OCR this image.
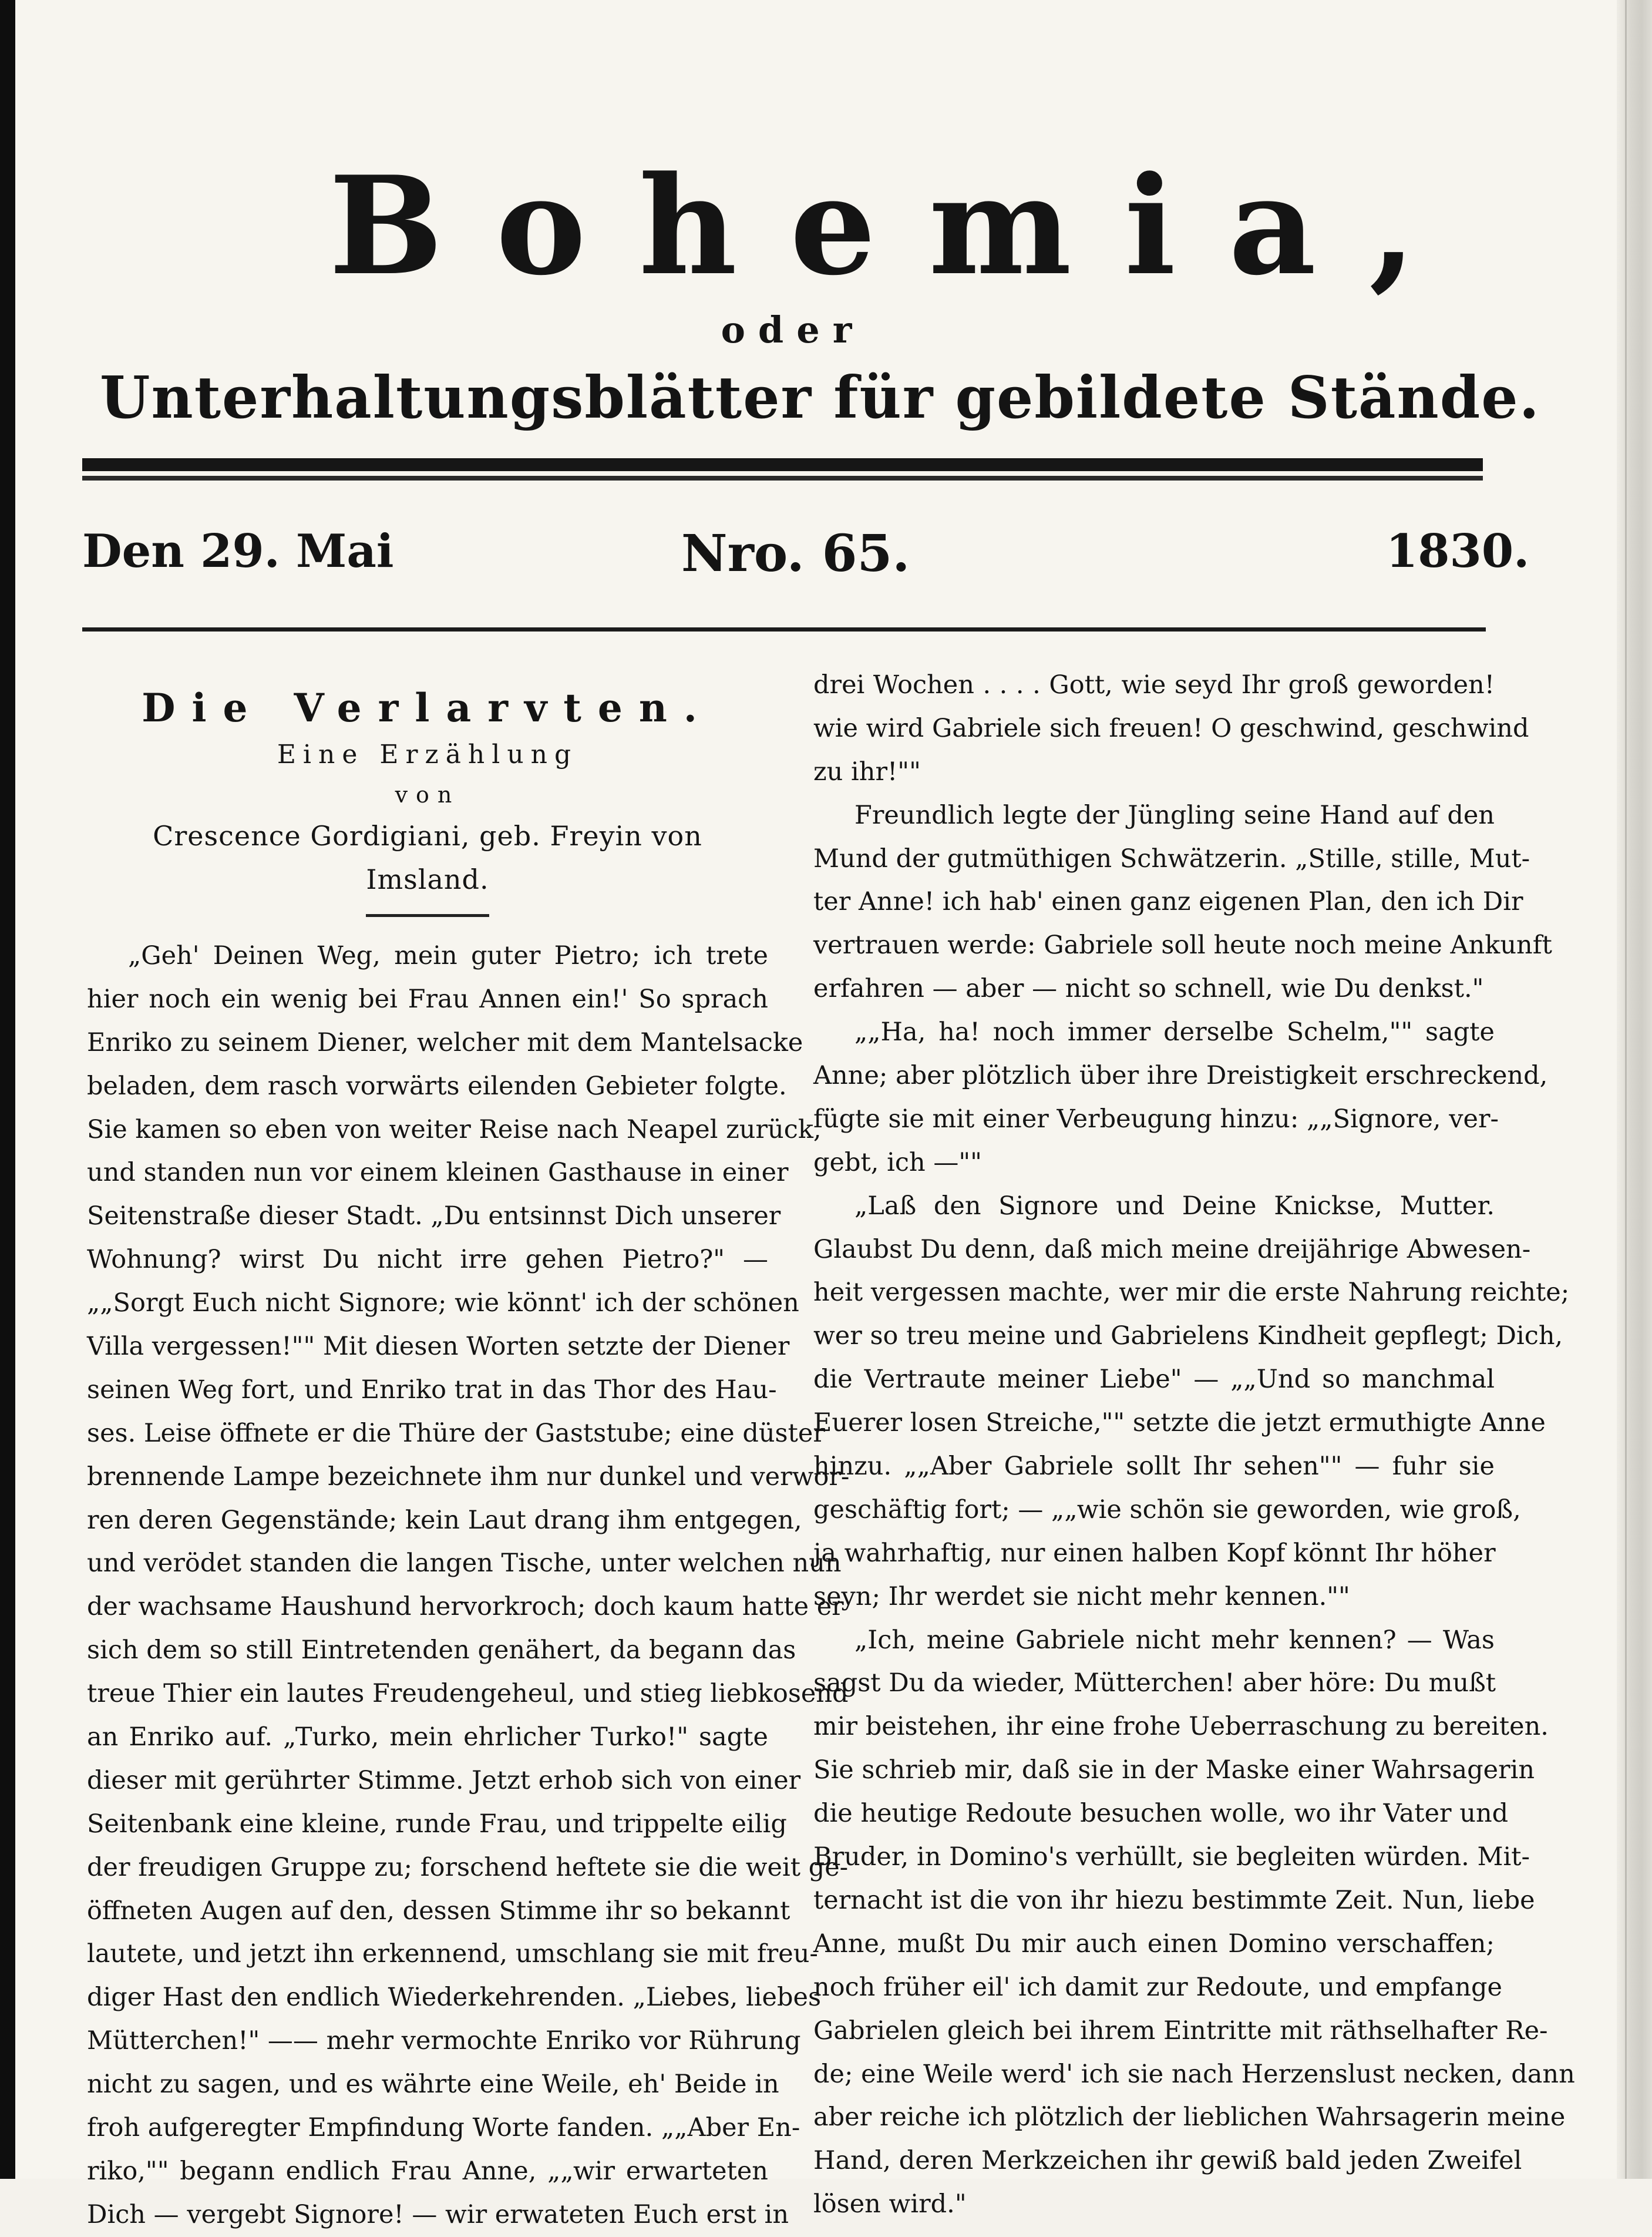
Bohemia,
oder
Unterhaltungsblätter für gebildete Stände.
Den 29. Mai	Nro. 65.	1830.
Die Verlarvten.
Eine Erzählung
von
Crescence Gordigiani, geb. Freyin von Imsland.
„Geh' Deinen Weg, mein guter Pietro; ich trete
hier noch ein wenig bei Frau Annen ein!' So sprach
Enriko zu seinem Diener, welcher mit dem Mantelsacke
beladen, dem rasch vorwärts eilenden Gebieter folgte.
Sie kamen so eben von weiter Reise nach Neapel zurück,
und standen nun vor einem kleinen Gasthause in einer
Seitenstraße dieser Stadt. „Du entsinnst Dich unserer
Wohnung? wirst Du nicht irre gehen Pietro?" —
„„Sorgt Euch nicht Signore; wie könnt' ich der schönen
Villa vergessen!"" Mit diesen Worten setzte der Diener
seinen Weg fort, und Enriko trat in das Thor des Hau-
ses. Leise öffnete er die Thüre der Gaststube; eine düster
brennende Lampe bezeichnete ihm nur dunkel und verwor-
ren deren Gegenstände; kein Laut drang ihm entgegen,
und verödet standen die langen Tische, unter welchen nun
der wachsame Haushund hervorkroch; doch kaum hatte er
sich dem so still Eintretenden genähert, da begann das
treue Thier ein lautes Freudengeheul, und stieg liebkosend
an Enriko auf. „Turko, mein ehrlicher Turko!" sagte
dieser mit gerührter Stimme. Jetzt erhob sich von einer
Seitenbank eine kleine, runde Frau, und trippelte eilig
der freudigen Gruppe zu; forschend heftete sie die weit ge-
öffneten Augen auf den, dessen Stimme ihr so bekannt
lautete, und jetzt ihn erkennend, umschlang sie mit freu-
diger Hast den endlich Wiederkehrenden. „Liebes, liebes
Mütterchen!" —— mehr vermochte Enriko vor Rührung
nicht zu sagen, und es währte eine Weile, eh' Beide in
froh aufgeregter Empfindung Worte fanden. „„Aber En-
riko,"" begann endlich Frau Anne, „„wir erwarteten
Dich — vergebt Signore! — wir erwateten Euch erst in
drei Wochen . . . . Gott, wie seyd Ihr groß geworden!
wie wird Gabriele sich freuen! O geschwind, geschwind
zu ihr!""
Freundlich legte der Jüngling seine Hand auf den
Mund der gutmüthigen Schwätzerin. „Stille, stille, Mut-
ter Anne! ich hab' einen ganz eigenen Plan, den ich Dir
vertrauen werde: Gabriele soll heute noch meine Ankunft
erfahren — aber — nicht so schnell, wie Du denkst."
„„Ha, ha! noch immer derselbe Schelm,"" sagte
Anne; aber plötzlich über ihre Dreistigkeit erschreckend,
fügte sie mit einer Verbeugung hinzu: „„Signore, ver-
gebt, ich —""
„Laß den Signore und Deine Knickse, Mutter.
Glaubst Du denn, daß mich meine dreijährige Abwesen-
heit vergessen machte, wer mir die erste Nahrung reichte;
wer so treu meine und Gabrielens Kindheit gepflegt; Dich,
die Vertraute meiner Liebe" — „„Und so manchmal
Euerer losen Streiche,"" setzte die jetzt ermuthigte Anne
hinzu. „„Aber Gabriele sollt Ihr sehen"" — fuhr sie
geschäftig fort; — „„wie schön sie geworden, wie groß,
ja wahrhaftig, nur einen halben Kopf könnt Ihr höher
seyn; Ihr werdet sie nicht mehr kennen.""
„Ich, meine Gabriele nicht mehr kennen? — Was
sagst Du da wieder, Mütterchen! aber höre: Du mußt
mir beistehen, ihr eine frohe Ueberraschung zu bereiten.
Sie schrieb mir, daß sie in der Maske einer Wahrsagerin
die heutige Redoute besuchen wolle, wo ihr Vater und
Bruder, in Domino's verhüllt, sie begleiten würden. Mit-
ternacht ist die von ihr hiezu bestimmte Zeit. Nun, liebe
Anne, mußt Du mir auch einen Domino verschaffen;
noch früher eil' ich damit zur Redoute, und empfange
Gabrielen gleich bei ihrem Eintritte mit räthselhafter Re-
de; eine Weile werd' ich sie nach Herzenslust necken, dann
aber reiche ich plötzlich der lieblichen Wahrsagerin meine
Hand, deren Merkzeichen ihr gewiß bald jeden Zweifel
lösen wird."
